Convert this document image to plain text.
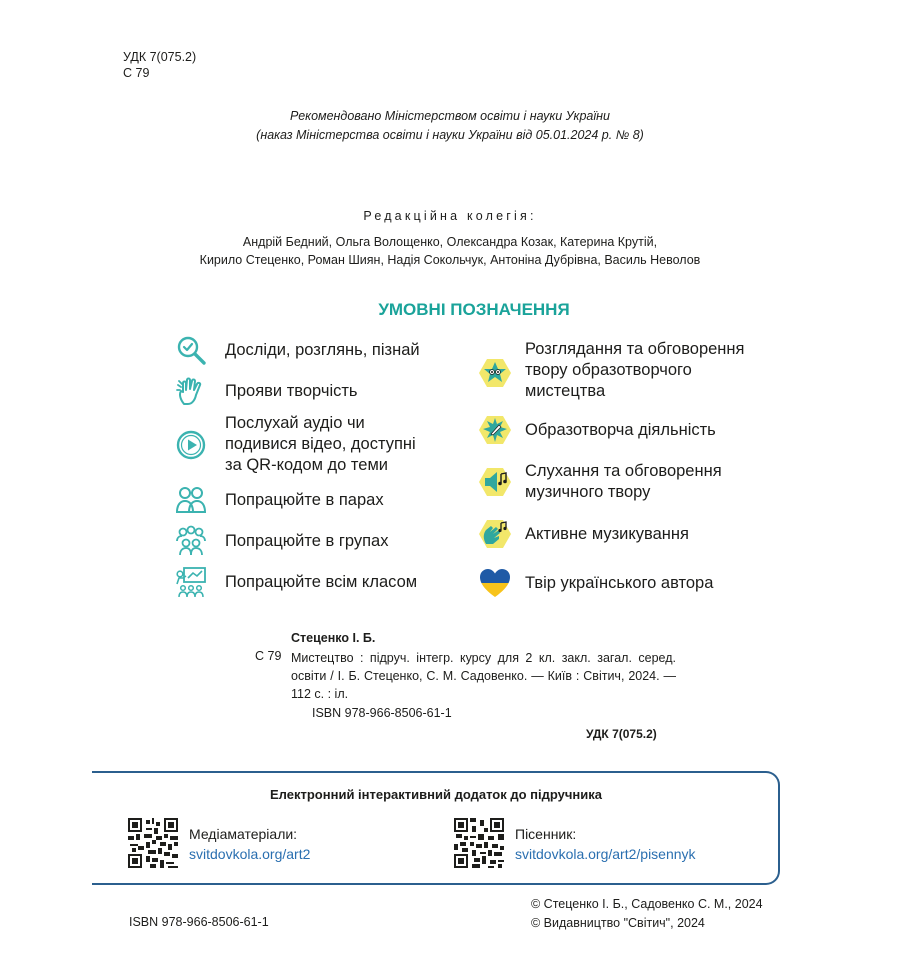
УДК 7(075.2)
С 79
Рекомендовано Міністерством освіти і науки України
(наказ Міністерства освіти і науки України від 05.01.2024 р. № 8)
Редакційна колегія:
Андрій Бедний, Ольга Волощенко, Олександра Козак, Катерина Крутій,
Кирило Стеценко, Роман Шиян, Надія Сокольчук, Антоніна Дубрівна, Василь Неволов
УМОВНІ ПОЗНАЧЕННЯ
Досліди, розглянь, пізнай
Прояви творчість
Послухай аудіо чи
подивися відео, доступні
за QR-кодом до теми
Попрацюйте в парах
Попрацюйте в групах
Попрацюйте всім класом
Розглядання та обговорення
твору образотворчого
мистецтва
Образотворча діяльність
Слухання та обговорення
музичного твору
Активне музикування
Твір українського автора
Стеценко І. Б.
С 79 Мистецтво : підруч. інтегр. курсу для 2 кл. закл. загал. серед. освіти / І. Б. Стеценко, С. М. Садовенко. — Київ : Світич, 2024. — 112 с. : іл.
ISBN 978-966-8506-61-1
УДК 7(075.2)
Електронний інтерактивний додаток до підручника
Медіаматеріали:
svitdovkola.org/art2
Пісенник:
svitdovkola.org/art2/pisennyk
ISBN 978-966-8506-61-1
© Стеценко І. Б., Садовенко С. М., 2024
© Видавництво "Світич", 2024
